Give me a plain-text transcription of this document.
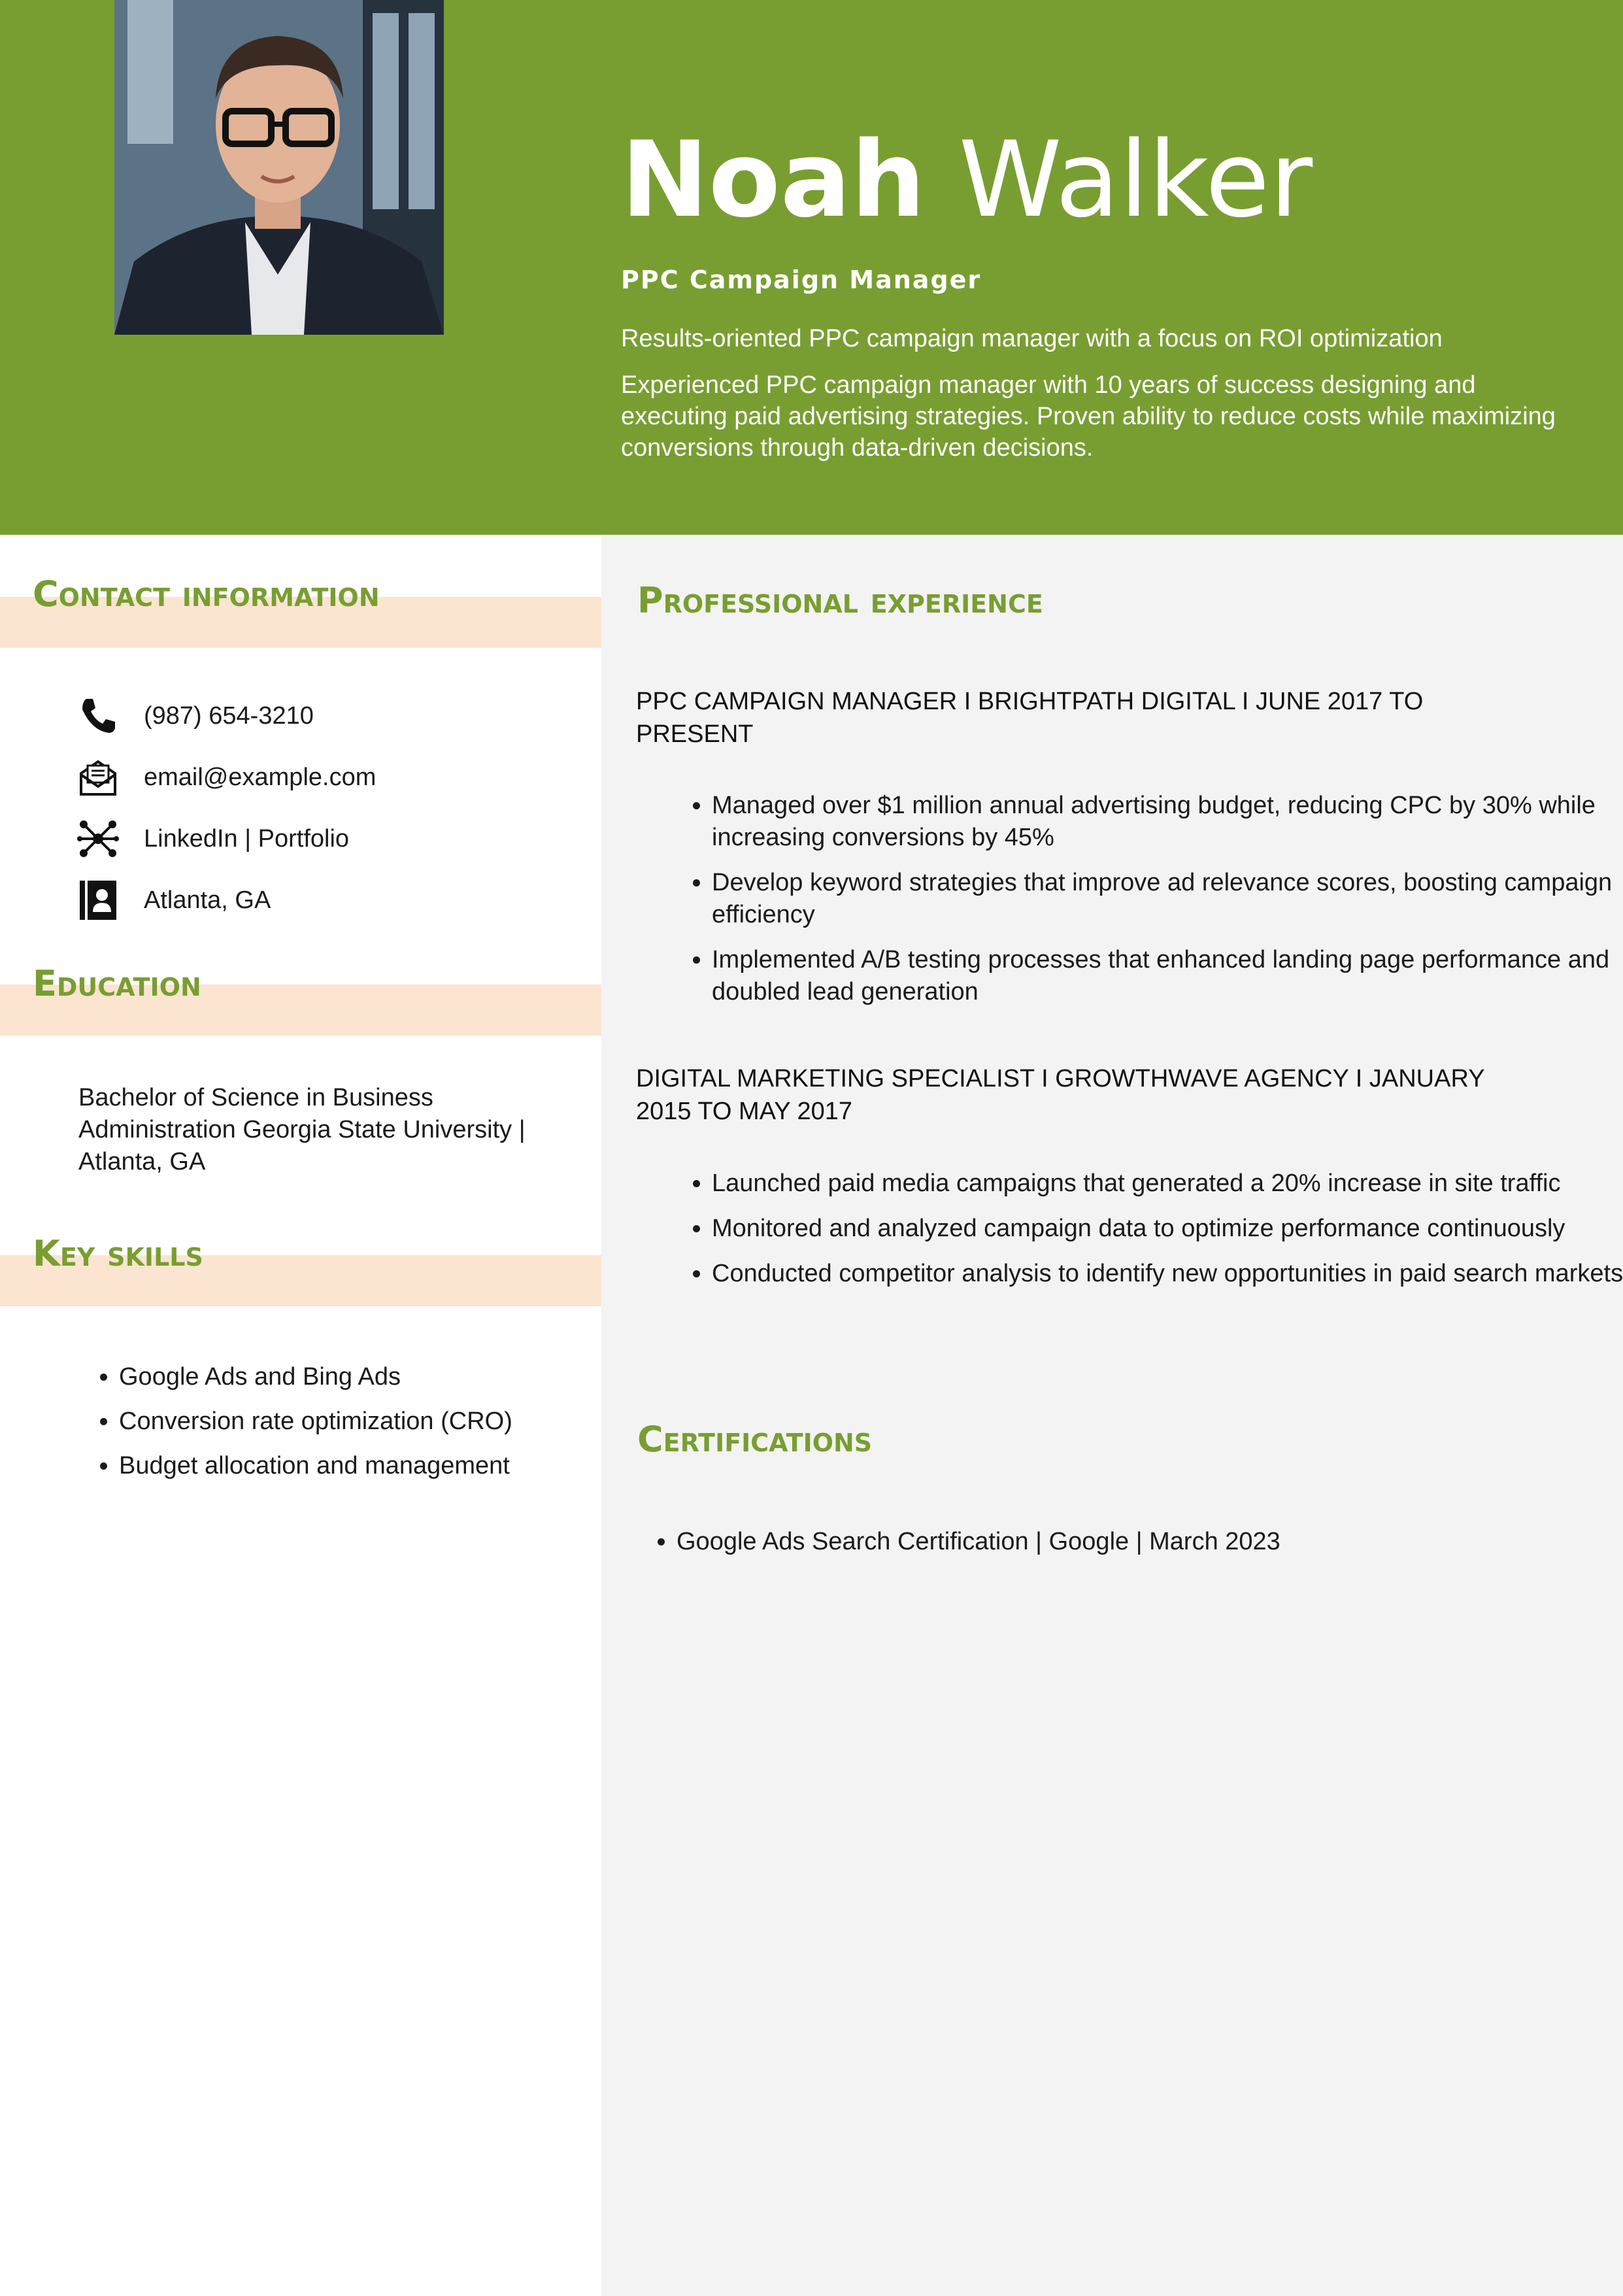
Noah Walker
PPC Campaign Manager
Results-oriented PPC campaign manager with a focus on ROI optimization
Experienced PPC campaign manager with 10 years of success designing and executing paid advertising strategies. Proven ability to reduce costs while maximizing conversions through data-driven decisions.
Contact information
(987) 654-3210
email@example.com
LinkedIn | Portfolio
Atlanta, GA
Education
Bachelor of Science in Business Administration Georgia State University | Atlanta, GA
Key skills
• Google Ads and Bing Ads
• Conversion rate optimization (CRO)
• Budget allocation and management
Professional experience
PPC CAMPAIGN MANAGER I BRIGHTPATH DIGITAL I JUNE 2017 TO PRESENT
• Managed over $1 million annual advertising budget, reducing CPC by 30% while increasing conversions by 45%
• Develop keyword strategies that improve ad relevance scores, boosting campaign efficiency
• Implemented A/B testing processes that enhanced landing page performance and doubled lead generation
DIGITAL MARKETING SPECIALIST I GROWTHWAVE AGENCY I JANUARY 2015 TO MAY 2017
• Launched paid media campaigns that generated a 20% increase in site traffic
• Monitored and analyzed campaign data to optimize performance continuously
• Conducted competitor analysis to identify new opportunities in paid search markets
Certifications
• Google Ads Search Certification | Google | March 2023
